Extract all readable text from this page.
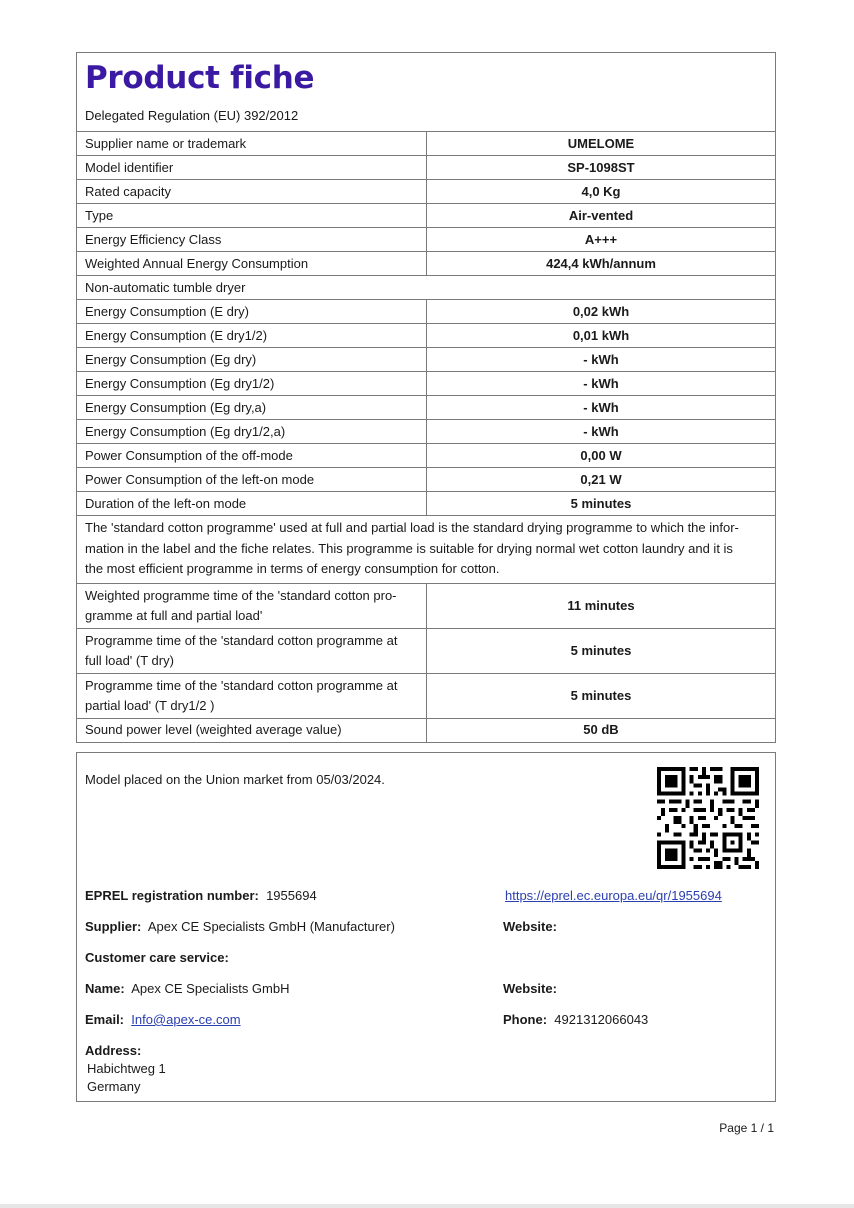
Product fiche
Delegated Regulation (EU) 392/2012
Supplier name or trademark	UMELOME
Model identifier	SP-1098ST
Rated capacity	4,0 Kg
Type	Air-vented
Energy Efficiency Class	A+++
Weighted Annual Energy Consumption	424,4 kWh/annum
Non-automatic tumble dryer	
Energy Consumption (E dry)	0,02 kWh
Energy Consumption (E dry1/2)	0,01 kWh
Energy Consumption (Eg dry)	- kWh
Energy Consumption (Eg dry1/2)	- kWh
Energy Consumption (Eg dry,a)	- kWh
Energy Consumption (Eg dry1/2,a)	- kWh
Power Consumption of the off-mode	0,00 W
Power Consumption of the left-on mode	0,21 W
Duration of the left-on mode	5 minutes

The 'standard cotton programme' used at full and partial load is the standard drying programme to which the infor-
mation in the label and the fiche relates. This programme is suitable for drying normal wet cotton laundry and it is
the most efficient programme in terms of energy consumption for cotton.	

Weighted programme time of the 'standard cotton pro-
gramme at full and partial load'	11 minutes

Programme time of the 'standard cotton programme at
full load' (T dry)	5 minutes

Programme time of the 'standard cotton programme at
partial load' (T dry1/2 )	5 minutes
Sound power level (weighted average value)	50 dB
Model placed on the Union market from 05/03/2024.
EPREL registration number: 1955694	https://eprel.ec.europa.eu/qr/1955694
Supplier: Apex CE Specialists GmbH (Manufacturer)	Website:
Customer care service:
Name: Apex CE Specialists GmbH	Website:
Email: Info@apex-ce.com	Phone: 4921312066043
Address:
Habichtweg 1
Germany
Page 1 / 1
